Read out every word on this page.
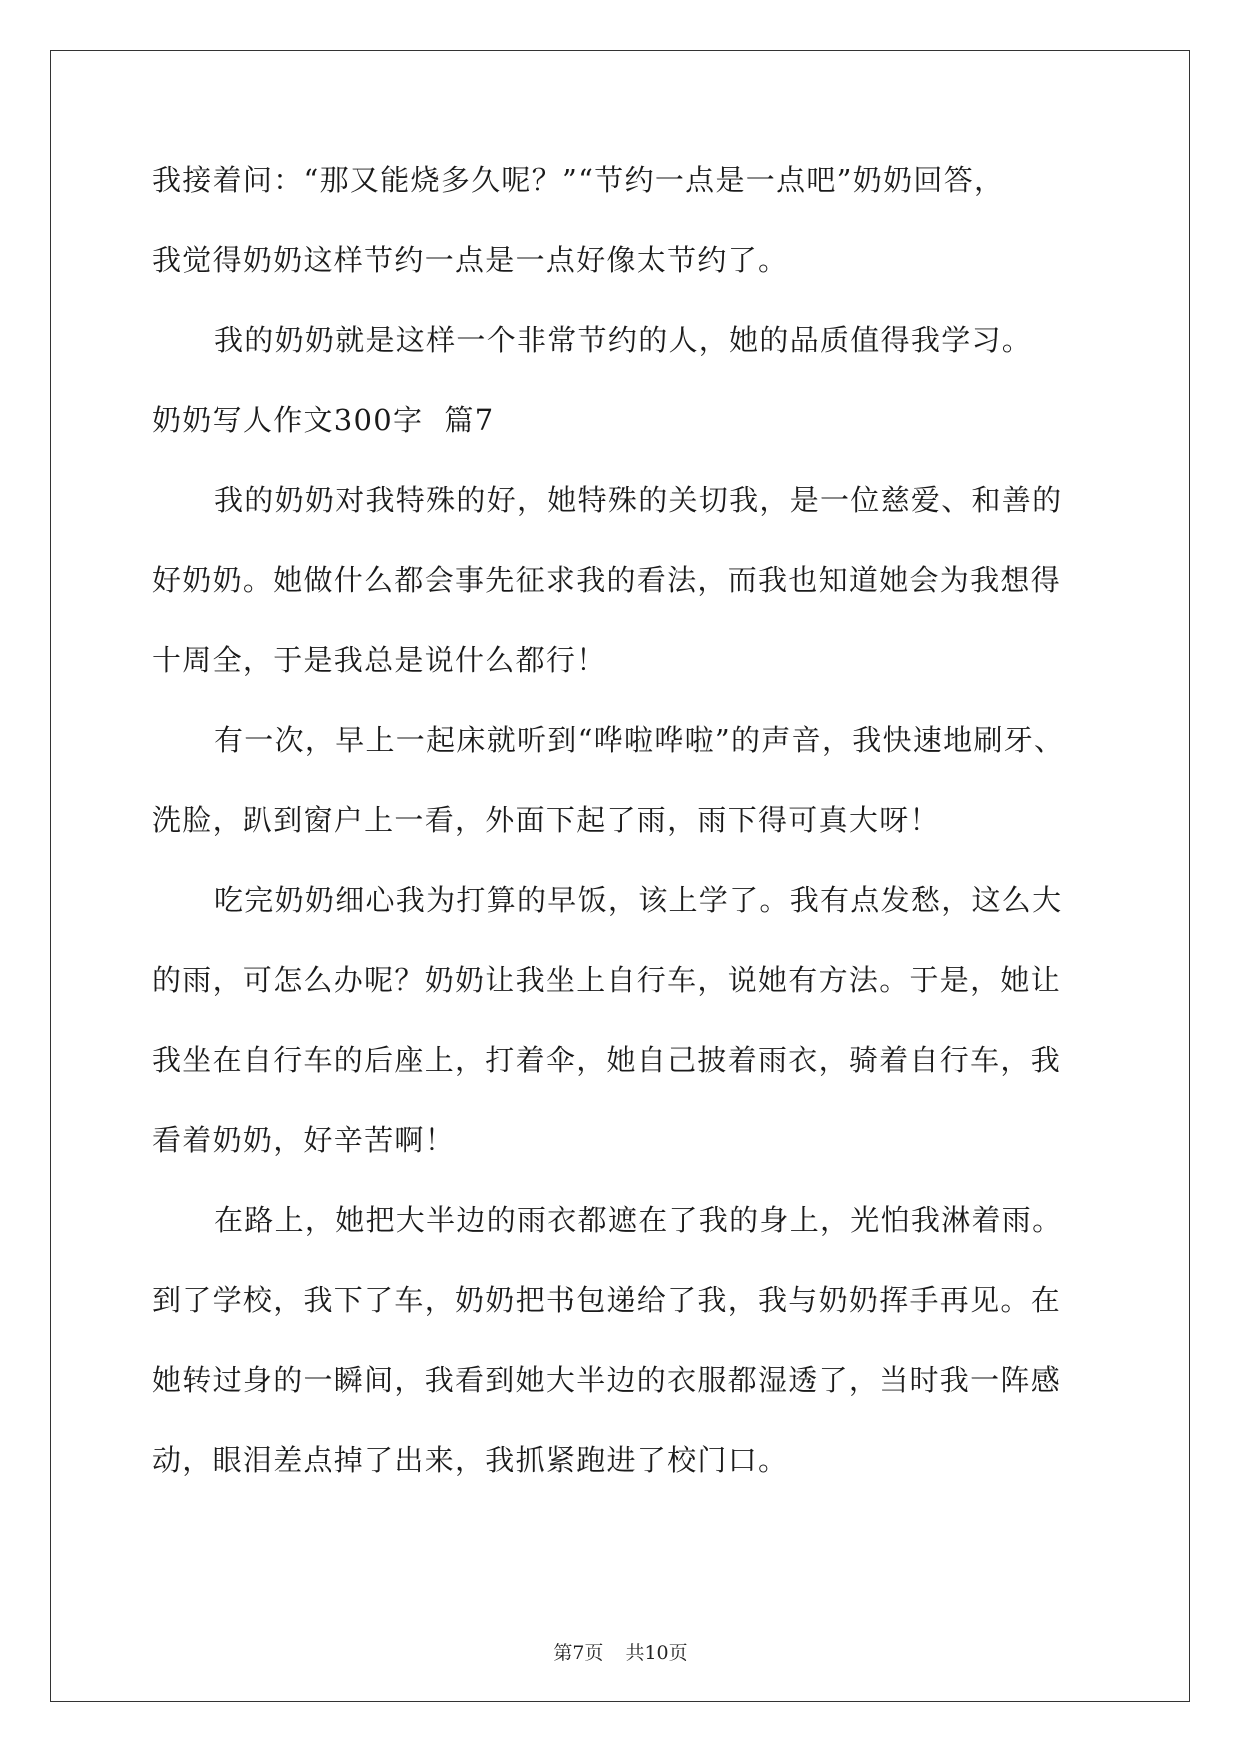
我接着问：“那又能烧多久呢？”“节约一点是一点吧”奶奶回答，
我觉得奶奶这样节约一点是一点好像太节约了。
我的奶奶就是这样一个非常节约的人，她的品质值得我学习。
奶奶写人作文300字  篇7
我的奶奶对我特殊的好，她特殊的关切我，是一位慈爱、和善的
好奶奶。她做什么都会事先征求我的看法，而我也知道她会为我想得
十周全，于是我总是说什么都行！
有一次，早上一起床就听到“哗啦哗啦”的声音，我快速地刷牙、
洗脸，趴到窗户上一看，外面下起了雨，雨下得可真大呀！
吃完奶奶细心我为打算的早饭，该上学了。我有点发愁，这么大
的雨，可怎么办呢？奶奶让我坐上自行车，说她有方法。于是，她让
我坐在自行车的后座上，打着伞，她自己披着雨衣，骑着自行车，我
看着奶奶，好辛苦啊！
在路上，她把大半边的雨衣都遮在了我的身上，光怕我淋着雨。
到了学校，我下了车，奶奶把书包递给了我，我与奶奶挥手再见。在
她转过身的一瞬间，我看到她大半边的衣服都湿透了，当时我一阵感
动，眼泪差点掉了出来，我抓紧跑进了校门口。
第7页 共10页
